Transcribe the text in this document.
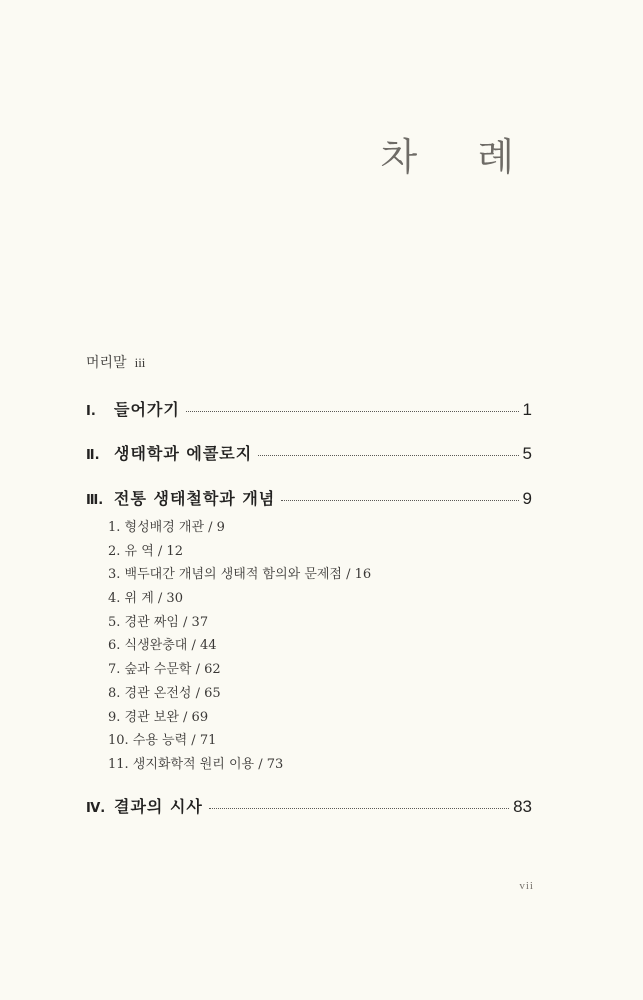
차 례
머리말 iii
Ⅰ.	들어가기	1
Ⅱ. 생태학과 에콜로지	5
Ⅲ. 전통 생태철학과 개념	9
1. 형성배경 개관 / 9
2. 유 역 / 12
3. 백두대간 개념의 생태적 함의와 문제점 / 16
4. 위 계 / 30
5. 경관 짜임 / 37
6. 식생완충대 / 44
7. 숲과 수문학 / 62
8. 경관 온전성 / 65
9. 경관 보완 / 69
10. 수용 능력 / 71
11. 생지화학적 원리 이용 / 73
Ⅳ. 결과의 시사	83
vii
